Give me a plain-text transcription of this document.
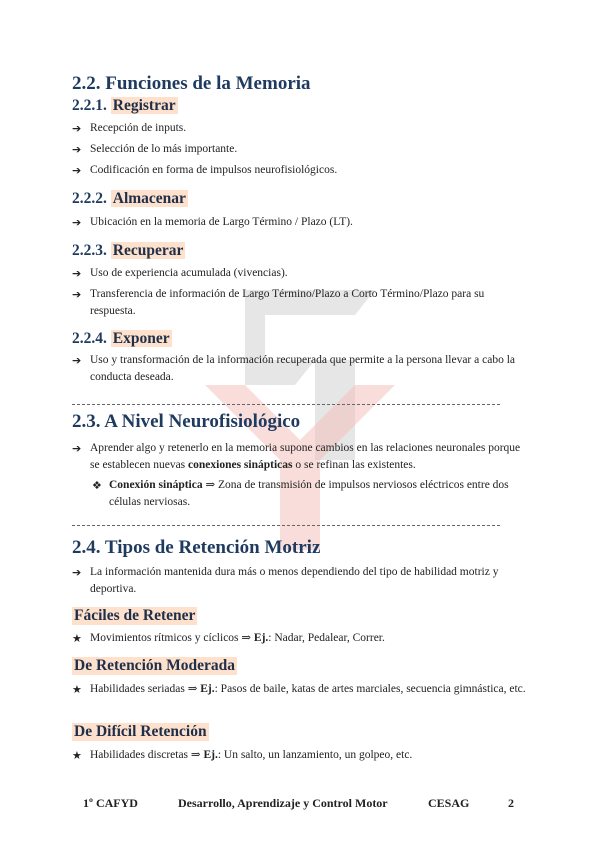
2.2. Funciones de la Memoria
2.2.1. Registrar
➔ Recepción de inputs.
➔ Selección de lo más importante.
➔ Codificación en forma de impulsos neurofisiológicos.
2.2.2. Almacenar
➔ Ubicación en la memoria de Largo Término / Plazo (LT).
2.2.3. Recuperar
➔ Uso de experiencia acumulada (vivencias).
➔ Transferencia de información de Largo Término/Plazo a Corto Término/Plazo para su respuesta.
2.2.4. Exponer
➔ Uso y transformación de la información recuperada que permite a la persona llevar a cabo la conducta deseada.
2.3. A Nivel Neurofisiológico
➔ Aprender algo y retenerlo en la memoria supone cambios en las relaciones neuronales porque se establecen nuevas conexiones sinápticas o se refinan las existentes.
❖ Conexión sináptica ⇒ Zona de transmisión de impulsos nerviosos eléctricos entre dos células nerviosas.
2.4. Tipos de Retención Motriz
➔ La información mantenida dura más o menos dependiendo del tipo de habilidad motriz y deportiva.
Fáciles de Retener
★ Movimientos rítmicos y cíclicos ⇒ Ej.: Nadar, Pedalear, Correr.
De Retención Moderada
★ Habilidades seriadas ⇒ Ej.: Pasos de baile, katas de artes marciales, secuencia gimnástica, etc.
De Difícil Retención
★ Habilidades discretas ⇒ Ej.: Un salto, un lanzamiento, un golpeo, etc.
1º CAFYD	Desarrollo, Aprendizaje y Control Motor	CESAG	2
